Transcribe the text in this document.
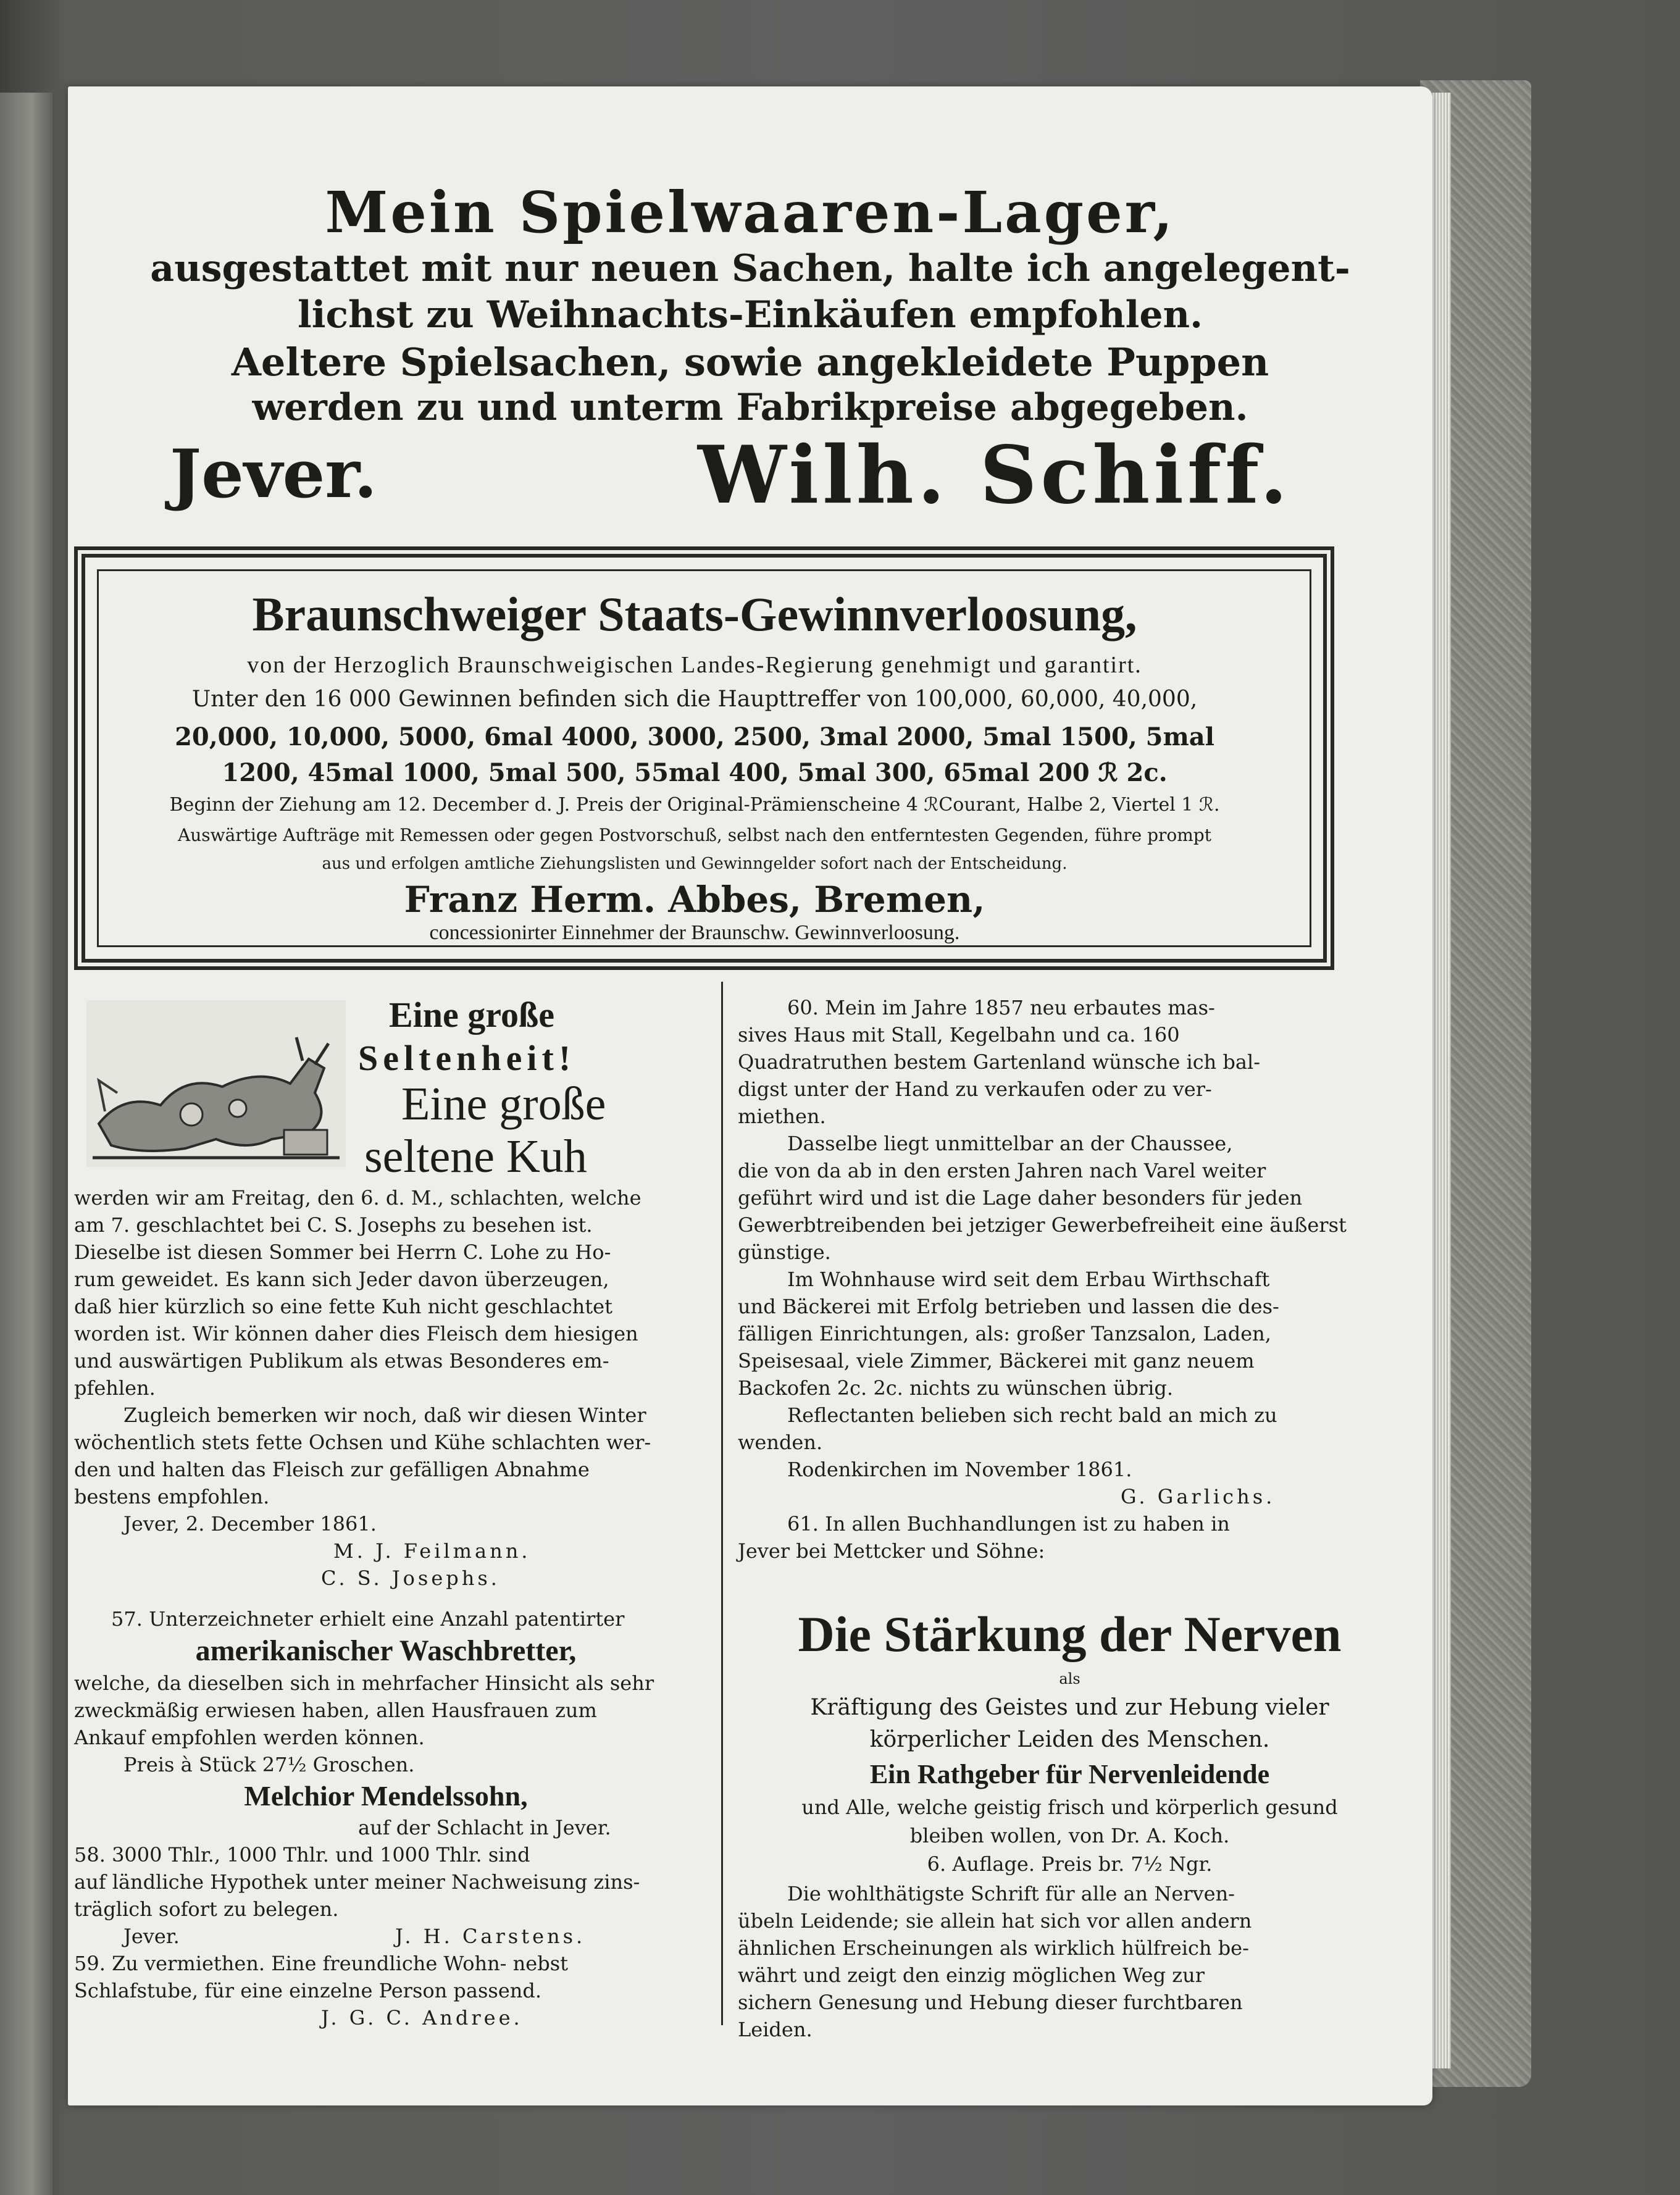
Mein Spielwaaren-Lager,
ausgestattet mit nur neuen Sachen, halte ich angelegent-
lichst zu Weihnachts-Einkäufen empfohlen.
Aeltere Spielsachen, sowie angekleidete Puppen
werden zu und unterm Fabrikpreise abgegeben.
Jever.	Wilh. Schiff.
Braunschweiger Staats-Gewinnverloosung,
von der Herzoglich Braunschweigischen Landes-Regierung genehmigt und garantirt.
Unter den 16 000 Gewinnen befinden sich die Haupttreffer von 100,000, 60,000, 40,000,
20,000, 10,000, 5000, 6mal 4000, 3000, 2500, 3mal 2000, 5mal 1500, 5mal
1200, 45mal 1000, 5mal 500, 55mal 400, 5mal 300, 65mal 200 ℛ 2c.
Beginn der Ziehung am 12. December d. J. Preis der Original-Prämienscheine 4 ℛCourant, Halbe 2, Viertel 1 ℛ.
Auswärtige Aufträge mit Remessen oder gegen Postvorschuß, selbst nach den entferntesten Gegenden, führe prompt
aus und erfolgen amtliche Ziehungslisten und Gewinngelder sofort nach der Entscheidung.
Franz Herm. Abbes, Bremen,
concessionirter Einnehmer der Braunschw. Gewinnverloosung.
Eine große
Seltenheit!
Eine große
seltene Kuh
werden wir am Freitag, den 6. d. M., schlachten, welche
am 7. geschlachtet bei C. S. Josephs zu besehen ist.
Dieselbe ist diesen Sommer bei Herrn C. Lohe zu Ho-
rum geweidet. Es kann sich Jeder davon überzeugen,
daß hier kürzlich so eine fette Kuh nicht geschlachtet
worden ist. Wir können daher dies Fleisch dem hiesigen
und auswärtigen Publikum als etwas Besonderes em-
pfehlen.
Zugleich bemerken wir noch, daß wir diesen Winter
wöchentlich stets fette Ochsen und Kühe schlachten wer-
den und halten das Fleisch zur gefälligen Abnahme
bestens empfohlen.
Jever, 2. December 1861.
M. J. Feilmann.
C. S. Josephs.
57. Unterzeichneter erhielt eine Anzahl patentirter
amerikanischer Waschbretter,
welche, da dieselben sich in mehrfacher Hinsicht als sehr
zweckmäßig erwiesen haben, allen Hausfrauen zum
Ankauf empfohlen werden können.
Preis à Stück 27½ Groschen.
Melchior Mendelssohn,
auf der Schlacht in Jever.
58. 3000 Thlr., 1000 Thlr. und 1000 Thlr. sind
auf ländliche Hypothek unter meiner Nachweisung zins-
träglich sofort zu belegen.
Jever.	J. H. Carstens.
59. Zu vermiethen. Eine freundliche Wohn- nebst
Schlafstube, für eine einzelne Person passend.
J. G. C. Andree.
60. Mein im Jahre 1857 neu erbautes mas-
sives Haus mit Stall, Kegelbahn und ca. 160
Quadratruthen bestem Gartenland wünsche ich bal-
digst unter der Hand zu verkaufen oder zu ver-
miethen.
Dasselbe liegt unmittelbar an der Chaussee,
die von da ab in den ersten Jahren nach Varel weiter
geführt wird und ist die Lage daher besonders für jeden
Gewerbtreibenden bei jetziger Gewerbefreiheit eine äußerst
günstige.
Im Wohnhause wird seit dem Erbau Wirthschaft
und Bäckerei mit Erfolg betrieben und lassen die des-
fälligen Einrichtungen, als: großer Tanzsalon, Laden,
Speisesaal, viele Zimmer, Bäckerei mit ganz neuem
Backofen 2c. 2c. nichts zu wünschen übrig.
Reflectanten belieben sich recht bald an mich zu
wenden.
Rodenkirchen im November 1861.
G. Garlichs.
61. In allen Buchhandlungen ist zu haben in
Jever bei Mettcker und Söhne:
Die Stärkung der Nerven
als
Kräftigung des Geistes und zur Hebung vieler
körperlicher Leiden des Menschen.
Ein Rathgeber für Nervenleidende
und Alle, welche geistig frisch und körperlich gesund
bleiben wollen, von Dr. A. Koch.
6. Auflage. Preis br. 7½ Ngr.
Die wohlthätigste Schrift für alle an Nerven-
übeln Leidende; sie allein hat sich vor allen andern
ähnlichen Erscheinungen als wirklich hülfreich be-
währt und zeigt den einzig möglichen Weg zur
sichern Genesung und Hebung dieser furchtbaren
Leiden.
